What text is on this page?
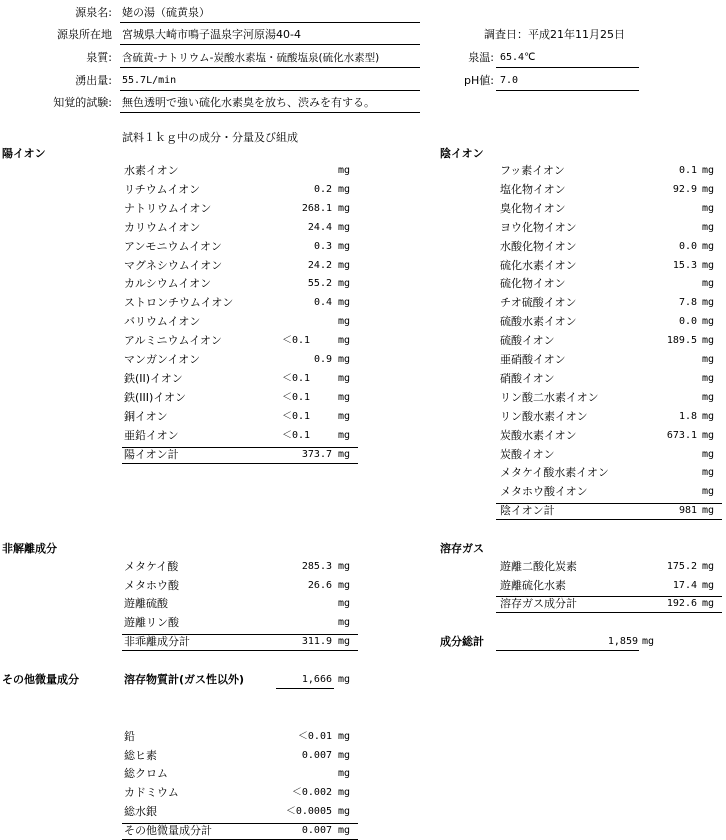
源泉名: 姥の湯（硫黄泉）
源泉所在地 宮城県大崎市鳴子温泉字河原湯40-4	調査日：平成21年11月25日
泉質: 含硫黄-ナトリウム-炭酸水素塩・硫酸塩泉(硫化水素型)	泉温: 65.4℃
湧出量: 55.7L/min	pH値: 7.0
知覚的試験: 無色透明で強い硫化水素臭を放ち、渋みを有する。
試料１ｋｇ中の成分・分量及び組成
陽イオン
水素イオン	mg
リチウムイオン	0.2 mg
ナトリウムイオン	268.1 mg
カリウムイオン	24.4 mg
アンモニウムイオン	0.3 mg
マグネシウムイオン	24.2 mg
カルシウムイオン	55.2 mg
ストロンチウムイオン	0.4 mg
バリウムイオン	mg
アルミニウムイオン	＜0.1	mg
マンガンイオン	0.9 mg
鉄(II)イオン	＜0.1	mg
鉄(III)イオン	＜0.1	mg
銅イオン	＜0.1	mg
亜鉛イオン	＜0.1	mg
陽イオン計	373.7 mg
陰イオン
フッ素イオン	0.1 mg
塩化物イオン	92.9 mg
臭化物イオン	mg
ヨウ化物イオン	mg
水酸化物イオン	0.0 mg
硫化水素イオン	15.3 mg
硫化物イオン	mg
チオ硫酸イオン	7.8 mg
硫酸水素イオン	0.0 mg
硫酸イオン	189.5 mg
亜硝酸イオン	mg
硝酸イオン	mg
リン酸二水素イオン	mg
リン酸水素イオン	1.8 mg
炭酸水素イオン	673.1 mg
炭酸イオン	mg
メタケイ酸水素イオン	mg
メタホウ酸イオン	mg
陰イオン計	981 mg
非解離成分
メタケイ酸	285.3 mg
メタホウ酸	26.6 mg
遊離硫酸	mg
遊離リン酸	mg
非乖離成分計	311.9 mg
溶存ガス
遊離二酸化炭素	175.2 mg
遊離硫化水素	17.4 mg
溶存ガス成分計	192.6 mg
成分総計	1,859 mg
その他微量成分	溶存物質計(ガス性以外)	1,666 mg
鉛	＜0.01 mg
総ヒ素	0.007 mg
総クロム	mg
カドミウム	＜0.002 mg
総水銀	＜0.0005 mg
その他微量成分計	0.007 mg
